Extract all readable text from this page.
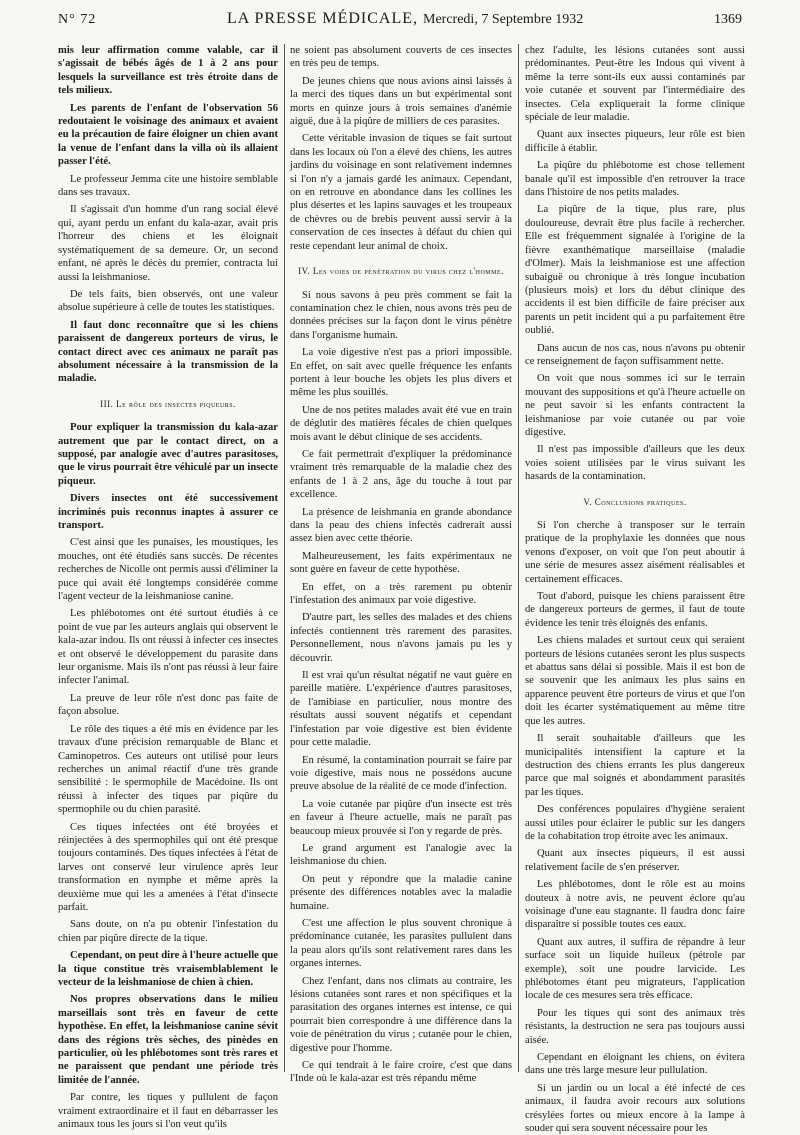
N° 72	LA PRESSE MÉDICALE, Mercredi, 7 Septembre 1932	1369

mis leur affirmation comme valable, car il s'agissait de bébés âgés de 1 à 2 ans pour lesquels la surveillance est très étroite dans de tels milieux.

Les parents de l'enfant de l'observation 56 redoutaient le voisinage des animaux et avaient eu la précaution de faire éloigner un chien avant la venue de l'enfant dans la villa où ils allaient passer l'été.

Le professeur Jemma cite une histoire semblable dans ses travaux.

Il s'agissait d'un homme d'un rang social élevé qui, ayant perdu un enfant du kala-azar, avait pris l'horreur des chiens et les éloignait systématiquement de sa demeure. Or, un second enfant, né après le décès du premier, contracta lui aussi la leishmaniose.

De tels faits, bien observés, ont une valeur absolue supérieure à celle de toutes les statistiques.

Il faut donc reconnaître que si les chiens paraissent de dangereux porteurs de virus, le contact direct avec ces animaux ne paraît pas absolument nécessaire à la transmission de la maladie.

III. Le rôle des insectes piqueurs.

Pour expliquer la transmission du kala-azar autrement que par le contact direct, on a supposé, par analogie avec d'autres parasitoses, que le virus pourrait être véhiculé par un insecte piqueur.

Divers insectes ont été successivement incriminés puis reconnus inaptes à assurer ce transport.

C'est ainsi que les punaises, les moustiques, les mouches, ont été étudiés sans succès. De récentes recherches de Nicolle ont permis aussi d'éliminer la puce qui avait été longtemps considérée comme l'agent vecteur de la leishmaniose canine.

Les phlébotomes ont été surtout étudiés à ce point de vue par les auteurs anglais qui observent le kala-azar indou. Ils ont réussi à infecter ces insectes et ont observé le développement du parasite dans leur organisme. Mais ils n'ont pas réussi à leur faire infecter l'animal.

La preuve de leur rôle n'est donc pas faite de façon absolue.

Le rôle des tiques a été mis en évidence par les travaux d'une précision remarquable de Blanc et Caminopetros. Ces auteurs ont utilisé pour leurs recherches un animal réactif d'une très grande sensibilité : le spermophile de Macédoine. Ils ont réussi à infecter des tiques par piqûre du spermophile ou du chien parasité.

Ces tiques infectées ont été broyées et réinjectées à des spermophiles qui ont été presque toujours contaminés. Des tiques infectées à l'état de larves ont conservé leur virulence après leur transformation en nymphe et même après la deuxième mue qui les a amenées à l'état d'insecte parfait.

Sans doute, on n'a pu obtenir l'infestation du chien par piqûre directe de la tique.

Cependant, on peut dire à l'heure actuelle que la tique constitue très vraisemblablement le vecteur de la leishmaniose de chien à chien.

Nos propres observations dans le milieu marseillais sont très en faveur de cette hypothèse. En effet, la leishmaniose canine sévit dans des régions très sèches, des pinèdes en particulier, où les phlébotomes sont très rares et ne paraissent que pendant une période très limitée de l'année.

Par contre, les tiques y pullulent de façon vraiment extraordinaire et il faut en débarrasser les animaux tous les jours si l'on veut qu'ils

ne soient pas absolument couverts de ces insectes en très peu de temps.

De jeunes chiens que nous avions ainsi laissés à la merci des tiques dans un but expérimental sont morts en quinze jours à trois semaines d'anémie aiguë, due à la piqûre de milliers de ces parasites.

Cette véritable invasion de tiques se fait surtout dans les locaux où l'on a élevé des chiens, les autres jardins du voisinage en sont relativement indemnes si l'on n'y a jamais gardé les animaux. Cependant, on en retrouve en abondance dans les collines les plus désertes et les lapins sauvages et les troupeaux de chèvres ou de brebis peuvent aussi servir à la conservation de ces insectes à défaut du chien qui reste cependant leur animal de choix.

IV. Les voies de pénétration du virus chez l'homme.

Si nous savons à peu près comment se fait la contamination chez le chien, nous avons très peu de données précises sur la façon dont le virus pénètre dans l'organisme humain.

La voie digestive n'est pas a priori impossible. En effet, on sait avec quelle fréquence les enfants portent à leur bouche les objets les plus divers et même les plus souillés.

Une de nos petites malades avait été vue en train de déglutir des matières fécales de chien quelques mois avant le début clinique de ses accidents.

Ce fait permettrait d'expliquer la prédominance vraiment très remarquable de la maladie chez des enfants de 1 à 2 ans, âge du touche à tout par excellence.

La présence de leishmania en grande abondance dans la peau des chiens infectés cadrerait aussi assez bien avec cette théorie.

Malheureusement, les faits expérimentaux ne sont guère en faveur de cette hypothèse.

En effet, on a très rarement pu obtenir l'infestation des animaux par voie digestive.

D'autre part, les selles des malades et des chiens infectés contiennent très rarement des parasites. Personnellement, nous n'avons jamais pu les y découvrir.

Il est vrai qu'un résultat négatif ne vaut guère en pareille matière. L'expérience d'autres parasitoses, de l'amibiase en particulier, nous montre des résultats aussi souvent négatifs et cependant l'infestation par voie digestive est bien évidente pour cette maladie.

En résumé, la contamination pourrait se faire par voie digestive, mais nous ne possédons aucune preuve absolue de la réalité de ce mode d'infection.

La voie cutanée par piqûre d'un insecte est très en faveur à l'heure actuelle, mais ne paraît pas beaucoup mieux prouvée si l'on y regarde de près.

Le grand argument est l'analogie avec la leishmaniose du chien.

On peut y répondre que la maladie canine présente des différences notables avec la maladie humaine.

C'est une affection le plus souvent chronique à prédominance cutanée, les parasites pullulent dans la peau alors qu'ils sont relativement rares dans les organes internes.

Chez l'enfant, dans nos climats au contraire, les lésions cutanées sont rares et non spécifiques et la parasitation des organes internes est intense, ce qui pourrait bien correspondre à une différence dans la voie de pénétration du virus ; cutanée pour le chien, digestive pour l'homme.

Ce qui tendrait à le faire croire, c'est que dans l'Inde où le kala-azar est très répandu même

chez l'adulte, les lésions cutanées sont aussi prédominantes. Peut-être les Indous qui vivent à même la terre sont-ils eux aussi contaminés par voie cutanée et souvent par l'intermédiaire des insectes. Cela expliquerait la forme clinique spéciale de leur maladie.

Quant aux insectes piqueurs, leur rôle est bien difficile à établir.

La piqûre du phlébotome est chose tellement banale qu'il est impossible d'en retrouver la trace dans l'histoire de nos petits malades.

La piqûre de la tique, plus rare, plus douloureuse, devrait être plus facile à rechercher. Elle est fréquemment signalée à l'origine de la fièvre exanthématique marseillaise (maladie d'Olmer). Mais la leishmaniose est une affection subaiguë ou chronique à très longue incubation (plusieurs mois) et lors du début clinique des accidents il est bien difficile de faire préciser aux parents un petit incident qui a pu parfaitement être oublié.

Dans aucun de nos cas, nous n'avons pu obtenir ce renseignement de façon suffisamment nette.

On voit que nous sommes ici sur le terrain mouvant des suppositions et qu'à l'heure actuelle on ne peut savoir si les enfants contractent la leishmaniose par voie cutanée ou par voie digestive.

Il n'est pas impossible d'ailleurs que les deux voies soient utilisées par le virus suivant les hasards de la contamination.

V. Conclusions pratiques.

Si l'on cherche à transposer sur le terrain pratique de la prophylaxie les données que nous venons d'exposer, on voit que l'on peut aboutir à une série de mesures assez aisément réalisables et certainement efficaces.

Tout d'abord, puisque les chiens paraissent être de dangereux porteurs de germes, il faut de toute évidence les tenir très éloignés des enfants.

Les chiens malades et surtout ceux qui seraient porteurs de lésions cutanées seront les plus suspects et abattus sans délai si possible. Mais il est bon de se souvenir que les animaux les plus sains en apparence peuvent être porteurs de virus et que l'on doit les écarter systématiquement au même titre que les autres.

Il serait souhaitable d'ailleurs que les municipalités intensifient la capture et la destruction des chiens errants les plus dangereux parce que mal soignés et abondamment parasités par les tiques.

Des conférences populaires d'hygiène seraient aussi utiles pour éclairer le public sur les dangers de la cohabitation trop étroite avec les animaux.

Quant aux insectes piqueurs, il est aussi relativement facile de s'en préserver.

Les phlébotomes, dont le rôle est au moins douteux à notre avis, ne peuvent éclore qu'au voisinage d'une eau stagnante. Il faudra donc faire disparaître si possible toutes ces eaux.

Quant aux autres, il suffira de répandre à leur surface soit un liquide huileux (pétrole par exemple), soit une poudre larvicide. Les phlébotomes étant peu migrateurs, l'application locale de ces mesures sera très efficace.

Pour les tiques qui sont des animaux très résistants, la destruction ne sera pas toujours aussi aisée.

Cependant en éloignant les chiens, on évitera dans une très large mesure leur pullulation.

Si un jardin ou un local a été infecté de ces animaux, il faudra avoir recours aux solutions crésylées fortes ou mieux encore à la lampe à souder qui sera souvent nécessaire pour les
